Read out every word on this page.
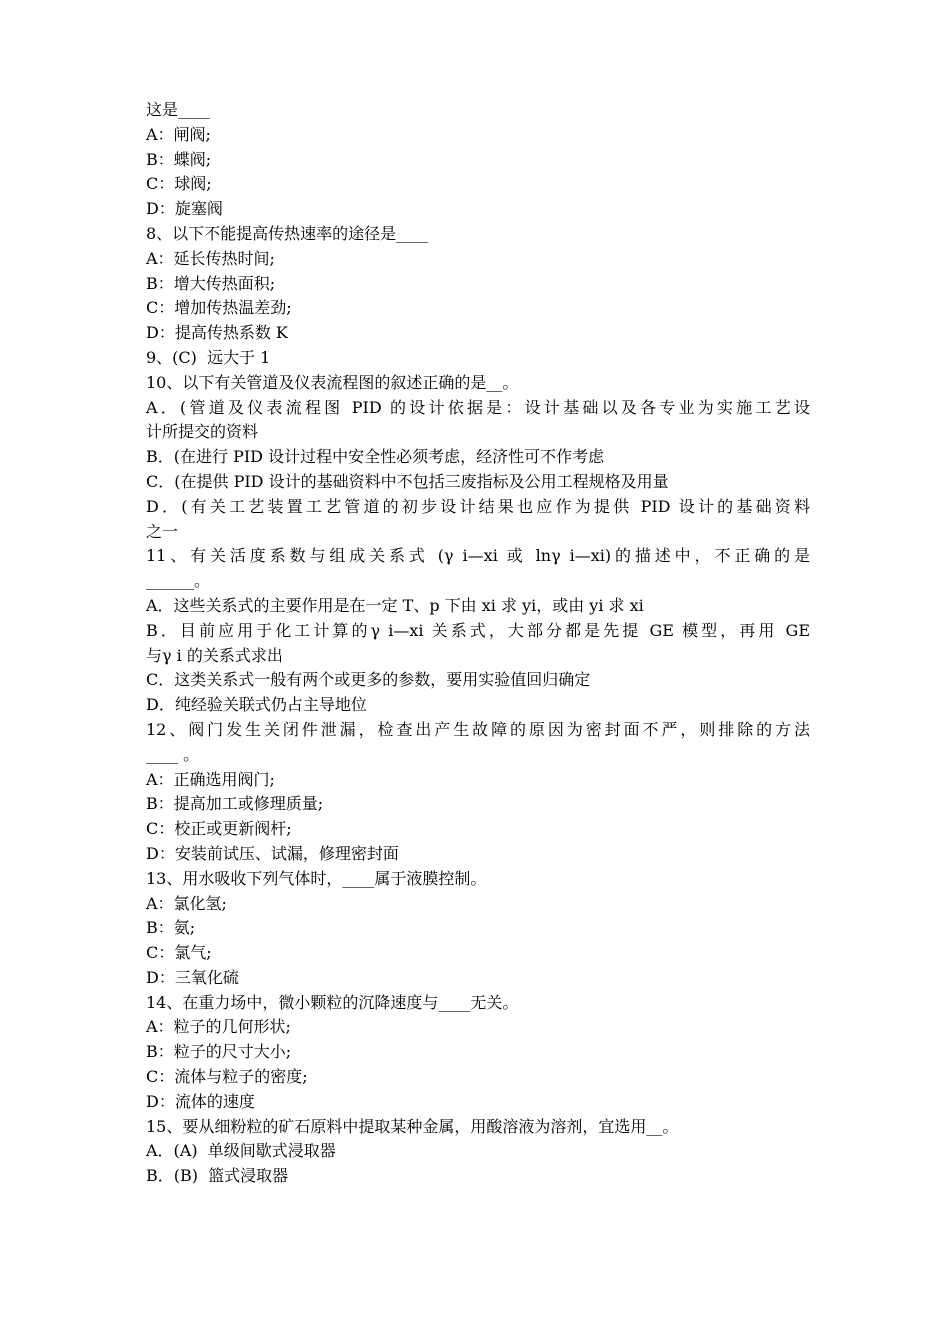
这是____
A：闸阀;
B：蝶阀;
C：球阀;
D：旋塞阀
8、以下不能提高传热速率的途径是____
A：延长传热时间;
B：增大传热面积;
C：增加传热温差劲;
D：提高传热系数 K
9、(C)  远大于 1
10、以下有关管道及仪表流程图的叙述正确的是__。
A．(管道及仪表流程图 PID 的设计依据是：设计基础以及各专业为实施工艺设
计所提交的资料
B．(在进行 PID 设计过程中安全性必须考虑，经济性可不作考虑
C．(在提供 PID 设计的基础资料中不包括三废指标及公用工程规格及用量
D．(有关工艺装置工艺管道的初步设计结果也应作为提供 PID 设计的基础资料
之一
11、有关活度系数与组成关系式 (γ i—xi 或 lnγ i—xi)的描述中，不正确的是
______。
A．这些关系式的主要作用是在一定 T、p 下由 xi 求 yi，或由 yi 求 xi
B．目前应用于化工计算的γ i—xi 关系式，大部分都是先提 GE 模型，再用 GE
与γ i 的关系式求出
C．这类关系式一般有两个或更多的参数，要用实验值回归确定
D．纯经验关联式仍占主导地位
12、阀门发生关闭件泄漏，检查出产生故障的原因为密封面不严，则排除的方法
____ 。
A：正确选用阀门;
B：提高加工或修理质量;
C：校正或更新阀杆;
D：安装前试压、试漏，修理密封面
13、用水吸收下列气体时，____属于液膜控制。
A：氯化氢;
B：氨;
C：氯气;
D：三氧化硫
14、在重力场中，微小颗粒的沉降速度与____无关。
A：粒子的几何形状;
B：粒子的尺寸大小;
C：流体与粒子的密度;
D：流体的速度
15、要从细粉粒的矿石原料中提取某种金属，用酸溶液为溶剂，宜选用__。
A．(A)  单级间歇式浸取器
B．(B)  篮式浸取器
